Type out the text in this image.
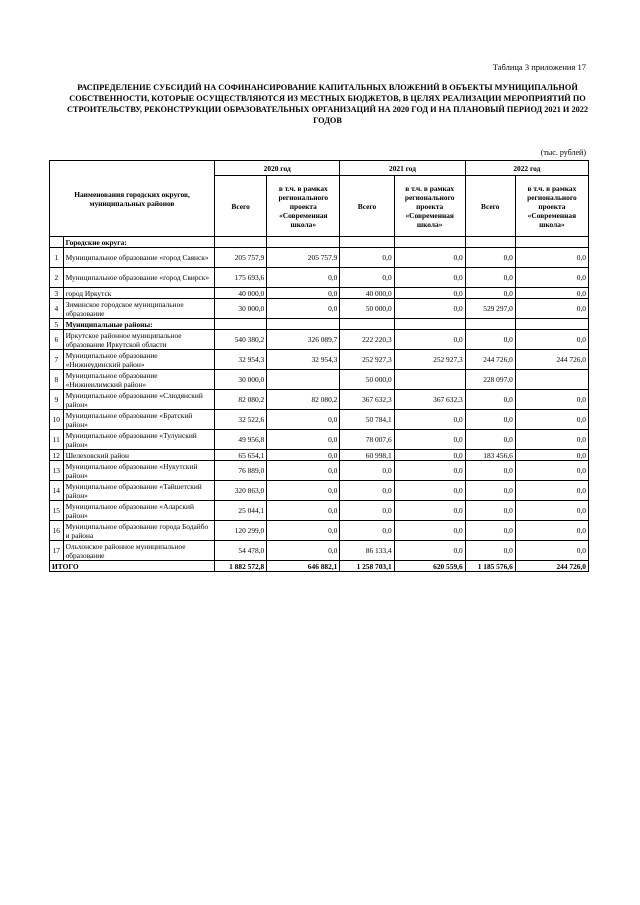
Таблица 3 приложения 17
РАСПРЕДЕЛЕНИЕ СУБСИДИЙ НА СОФИНАНСИРОВАНИЕ КАПИТАЛЬНЫХ ВЛОЖЕНИЙ В ОБЪЕКТЫ МУНИЦИПАЛЬНОЙ СОБСТВЕННОСТИ, КОТОРЫЕ ОСУЩЕСТВЛЯЮТСЯ ИЗ МЕСТНЫХ БЮДЖЕТОВ, В ЦЕЛЯХ РЕАЛИЗАЦИИ МЕРОПРИЯТИЙ ПО СТРОИТЕЛЬСТВУ, РЕКОНСТРУКЦИИ ОБРАЗОВАТЕЛЬНЫХ ОРГАНИЗАЦИЙ НА 2020 ГОД И НА ПЛАНОВЫЙ ПЕРИОД 2021 И 2022 ГОДОВ
(тыс. рублей)
Наименования городских округов, муниципальных районов		2020 год		2021 год		2022 год	
		Всего	в т.ч. в рамках регионального проекта «Современная школа»	Всего	в т.ч. в рамках регионального проекта «Современная школа»	Всего	в т.ч. в рамках регионального проекта «Современная школа»
	Городские округа:						
1	Муниципальное образование «город Саянск»	205 757,9	205 757,9	0,0	0,0	0,0	0,0
2	Муниципальное образование «город Свирск»	175 693,6	0,0	0,0	0,0	0,0	0,0
3	город Иркутск	40 000,0	0,0	40 000,0	0,0	0,0	0,0
4	Зиминское городское муниципальное образование	30 000,0	0,0	50 000,0	0,0	529 297,0	0,0
5	Муниципальные районы:						
6	Иркутское районное муниципальное образование Иркутской области	540 380,2	326 089,7	222 220,3	0,0	0,0	0,0
7	Муниципальное образование «Нижнеудинский район»	32 954,3	32 954,3	252 927,3	252 927,3	244 726,0	244 726,0
8	Муниципальное образование «Нижнеилимский район»	30 000,0		50 000,0		228 097,0	
9	Муниципальное образование «Слюдянский район»	82 080,2	82 080,2	367 632,3	367 632,3	0,0	0,0
10	Муниципальное образование «Братский район»	32 522,6	0,0	50 784,1	0,0	0,0	0,0
11	Муниципальное образование «Тулунский район»	49 956,8	0,0	78 007,6	0,0	0,0	0,0
12	Шелеховский район	65 654,1	0,0	60 998,1	0,0	183 456,6	0,0
13	Муниципальное образование «Нукутский район»	76 889,0	0,0	0,0	0,0	0,0	0,0
14	Муниципальное образование «Тайшетский район»	320 863,0	0,0	0,0	0,0	0,0	0,0
15	Муниципальное образование «Аларский район»	25 044,1	0,0	0,0	0,0	0,0	0,0
16	Муниципальное образование города Бодайбо и района	120 299,0	0,0	0,0	0,0	0,0	0,0
17	Ольхонское районное муниципальное образование	54 478,0	0,0	86 133,4	0,0	0,0	0,0
ИТОГО		1 882 572,8	646 882,1	1 258 703,1	620 559,6	1 185 576,6	244 726,0
